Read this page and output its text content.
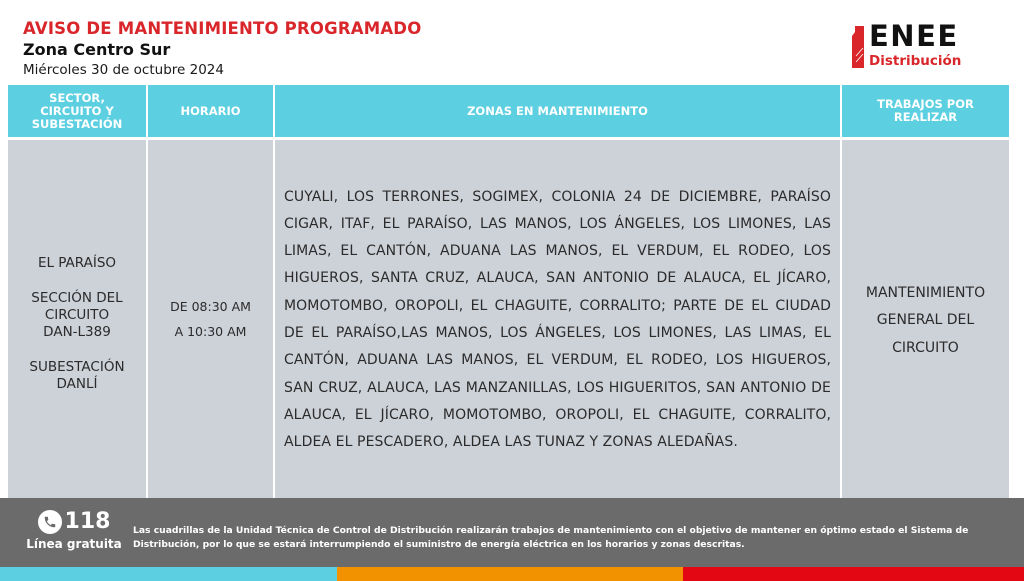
AVISO DE MANTENIMIENTO PROGRAMADO
Zona Centro Sur
Miércoles 30 de octubre 2024
ENEE
Distribución
SECTOR, CIRCUITO Y SUBESTACIÓN
HORARIO	ZONAS EN MANTENIMIENTO	TRABAJOS POR REALIZAR
EL PARAÍSO
SECCIÓN DEL
CIRCUITO
DAN-L389
SUBESTACIÓN
DANLÍ
DE 08:30 AM
A 10:30 AM
CUYALI, LOS TERRONES, SOGIMEX, COLONIA 24 DE DICIEMBRE, PARAÍSO CIGAR, ITAF, EL PARAÍSO, LAS MANOS, LOS ÁNGELES, LOS LIMONES, LAS LIMAS, EL CANTÓN, ADUANA LAS MANOS, EL VERDUM, EL RODEO, LOS HIGUEROS, SANTA CRUZ, ALAUCA, SAN ANTONIO DE ALAUCA, EL JÍCARO, MOMOTOMBO, OROPOLI, EL CHAGUITE, CORRALITO; PARTE DE EL CIUDAD DE EL PARAÍSO,LAS MANOS, LOS ÁNGELES, LOS LIMONES, LAS LIMAS, EL CANTÓN, ADUANA LAS MANOS, EL VERDUM, EL RODEO, LOS HIGUEROS, SAN CRUZ, ALAUCA, LAS MANZANILLAS, LOS HIGUERITOS, SAN ANTONIO DE ALAUCA, EL JÍCARO, MOMOTOMBO, OROPOLI, EL CHAGUITE, CORRALITO, ALDEA EL PESCADERO, ALDEA LAS TUNAZ Y ZONAS ALEDAÑAS.
MANTENIMIENTO
GENERAL DEL
CIRCUITO
118
Línea gratuita
Las cuadrillas de la Unidad Técnica de Control de Distribución realizarán trabajos de mantenimiento con el objetivo de mantener en óptimo estado el Sistema de Distribución, por lo que se estará interrumpiendo el suministro de energía eléctrica en los horarios y zonas descritas.
